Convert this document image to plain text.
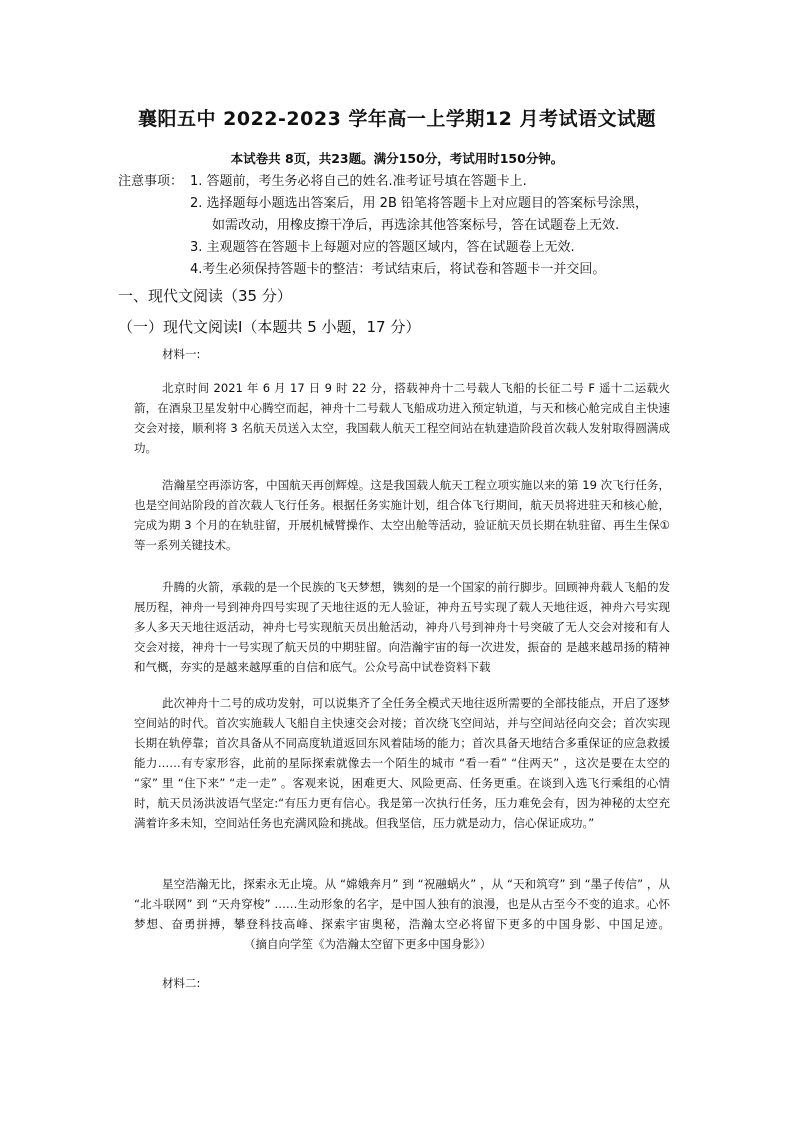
襄阳五中 2022-2023 学年高一上学期12 月考试语文试题
本试卷共 8页，共23题。满分150分，考试用时150分钟。
注意事项： 1. 答题前，考生务必将自己的姓名.准考证号填在答题卡上.
2. 选择题每小题选出答案后，用 2B 铅笔将答题卡上对应题目的答案标号涂黑，
如需改动，用橡皮擦干净后，再选涂其他答案标号，答在试题卷上无效.
3. 主观题答在答题卡上每题对应的答题区域内，答在试题卷上无效.
4.考生必须保持答题卡的整洁：考试结束后，将试卷和答题卡一并交回。
一、现代文阅读（35 分）
（一）现代文阅读Ⅰ（本题共 5 小题，17 分）
材料一:

北京时间 2021 年 6 月 17 日 9 时 22 分，搭载神舟十二号载人飞船的长征二号 F 遥十二运载火箭，在酒泉卫星发射中心腾空而起，神舟十二号载人飞船成功进入预定轨道，与天和核心舱完成自主快速交会对接，顺利将 3 名航天员送入太空，我国载人航天工程空间站在轨建造阶段首次载人发射取得圆满成功。

浩瀚星空再添访客，中国航天再创辉煌。这是我国载人航天工程立项实施以来的第 19 次飞行任务，也是空间站阶段的首次载人飞行任务。根据任务实施计划，组合体飞行期间，航天员将进驻天和核心舱，完成为期 3 个月的在轨驻留，开展机械臂操作、太空出舱等活动，验证航天员长期在轨驻留、再生生保①等一系列关键技术。

升腾的火箭，承载的是一个民族的飞天梦想，镌刻的是一个国家的前行脚步。回顾神舟载人飞船的发展历程，神舟一号到神舟四号实现了天地往返的无人验证，神舟五号实现了载人天地往返，神舟六号实现多人多天天地往返活动，神舟七号实现航天员出舱活动，神舟八号到神舟十号突破了无人交会对接和有人交会对接，神舟十一号实现了航天员的中期驻留。向浩瀚宇宙的每一次进发，振奋的 是越来越昂扬的精神和气概，夯实的是越来越厚重的自信和底气。公众号高中试卷资料下载

此次神舟十二号的成功发射，可以说集齐了全任务全模式天地往返所需要的全部技能点，开启了逐梦空间站的时代。首次实施载人飞船自主快速交会对接；首次绕飞空间站，并与空间站径向交会；首次实现长期在轨停靠；首次具备从不同高度轨道返回东风着陆场的能力；首次具备天地结合多重保证的应急救援能力……有专家形容，此前的星际探索就像去一个陌生的城市 “看一看” “住两天” ，这次是要在太空的 “家” 里 “住下来” “走一走” 。客观来说，困难更大、风险更高、任务更重。在谈到入选飞行乘组的心情时，航天员汤洪波语气坚定:“有压力更有信心。我是第一次执行任务，压力难免会有，因为神秘的太空充满着许多未知，空间站任务也充满风险和挑战。但我坚信，压力就是动力，信心保证成功。”

星空浩瀚无比，探索永无止境。从 “嫦娥奔月” 到 “祝融蜗火” ，从 “天和筑穹” 到 “墨子传信” ，从 “北斗联网” 到 “天舟穿梭” ……生动形象的名字，是中国人独有的浪漫，也是从古至今不变的追求。心怀梦想、奋勇拼搏，攀登科技高峰、探索宇宙奥秘，浩瀚太空必将留下更多的中国身影、中国足迹。（摘自向学笙《为浩瀚太空留下更多中国身影》）

材料二:
